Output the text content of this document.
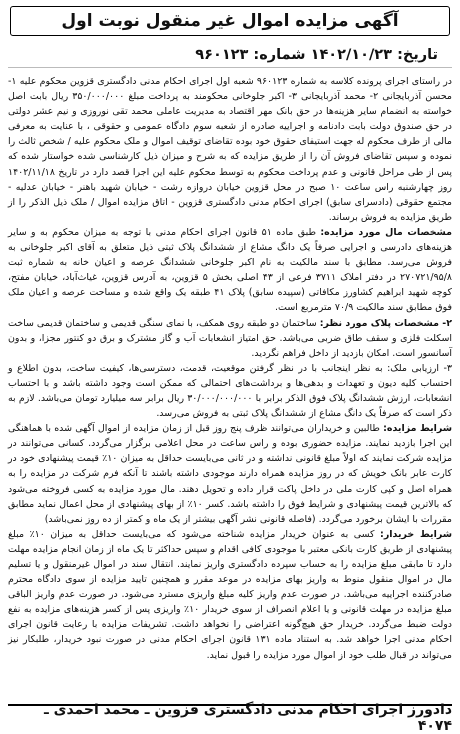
آگهی مزایده اموال غیر منقول نوبت اول
تاریخ: ۱۴۰۲/۱۰/۲۳ شماره: ۹۶۰۱۲۳

در راستای اجرای پرونده کلاسه به شماره ۹۶۰۱۲۳ شعبه اول اجرای احکام مدنی دادگستری قزوین محکوم علیه ۱- محسن آذربایجانی ۲- محمد آذربایجانی ۳- اکبر جلوخانی محکومند به پرداخت مبلغ ۳۵۰/۰۰۰/۰۰۰ ریال بابت اصل خواسته به انضمام سایر هزینه‌ها در حق بانک مهر اقتصاد به مدیریت عاملی محمد تقی نوروزی و نیم عشر دولتی در حق صندوق دولت بابت دادنامه و اجراییه صادره از شعبه سوم دادگاه عمومی و حقوقی ، با عنایت به معرفی مالی از طرف محکوم له جهت استیفای حقوق خود بوده تقاضای توقیف اموال و ملک محکوم علیه / شخص ثالث را نموده و سپس تقاضای فروش آن را از طریق مزایده که به شرح و میزان ذیل کارشناسی شده خواستار شده که پس از طی مراحل قانونی و عدم پرداخت محکوم به توسط محکوم علیه این اجرا قصد دارد در تاریخ ۱۴۰۲/۱۱/۱۸ روز چهارشنبه راس ساعت ۱۰ صبح در محل قزوین خیابان دروازه رشت - خیابان شهید باهنر - خیابان عدلیه - مجتمع حقوقی (دادسرای سابق) اجرای احکام مدنی دادگستری قزوین - اتاق مزایده اموال / ملک ذیل الذکر را از طریق مزایده به فروش برساند.

مشخصات مال مورد مزایده: طبق ماده ۵۱ قانون اجرای احکام مدنی با توجه به میزان محکوم به و سایر هزینه‌های دادرسی و اجرایی صرفاً یک دانگ مشاع از ششدانگ پلاک ثبتی ذیل متعلق به آقای اکبر جلوخانی به فروش می‌رسد. مطابق با سند مالکیت به نام اکبر جلوخانی ششدانگ عرصه و اعیان خانه به شماره ثبت ۲۷۰۷۲۱/۹۵/۸ در دفتر املاک ۳۷۱۱ فرعی از ۴۳ اصلی بخش ۵ قزوین، به آدرس قزوین، غیاث‌آباد، خیابان مفتح، کوچه شهید ابراهیم کشاورز مکافاتی (سپیده سابق) پلاک ۴۱ طبقه یک واقع شده و مساحت عرصه و اعیان ملک فوق مطابق سند مالکیت ۷۰/۹ مترمربع است.

۲- مشخصات پلاک مورد نظر: ساختمان دو طبقه روی همکف، با نمای سنگی قدیمی و ساختمان قدیمی ساخت اسکلت فلزی و سقف طاق ضربی می‌باشد. حق امتیاز انشعابات آب و گاز مشترک و برق دو کنتور مجزا، و بدون آسانسور است. امکان بازدید از داخل فراهم نگردید.

۳- ارزیابی ملک: به نظر اینجانب با در نظر گرفتن موقعیت، قدمت، دسترسی‌ها، کیفیت ساخت، بدون اطلاع و احتساب کلیه دیون و تعهدات و بدهی‌ها و برداشت‌های احتمالی که ممکن است وجود داشته باشد و با احتساب انشعابات، ارزش ششدانگ پلاک فوق الذکر برابر با ۳۰/۰۰۰/۰۰۰/۰۰۰ ریال برابر سه میلیارد تومان می‌باشد. لازم به ذکر است که صرفاً یک دانگ مشاع از ششدانگ پلاک ثبتی به فروش می‌رسد.

شرایط مزایده: طالبین و خریداران می‌توانند ظرف پنج روز قبل از زمان مزایده از اموال آگهی شده با هماهنگی این اجرا بازدید نمایند. مزایده حضوری بوده و راس ساعت در محل اعلامی برگزار می‌گردد. کسانی می‌توانند در مزایده شرکت نمایند که اولاً مبلغ قانونی نداشته و در ثانی می‌بایست حداقل به میزان ۱۰٪ قیمت پیشنهادی خود در کارت عابر بانک خویش که در روز مزایده همراه دارند موجودی داشته باشند تا آنکه فرم شرکت در مزایده را به همراه اصل و کپی کارت ملی در داخل پاکت قرار داده و تحویل دهند. مال مورد مزایده به کسی فروخته می‌شود که بالاترین قیمت پیشنهادی و شرایط فوق را داشته باشد. کسر ۱۰٪ از بهای پیشنهادی از محل اعمال نماید مطابق مقررات با ایشان برخورد می‌گردد. (فاصله قانونی نشر آگهی بیشتر از یک ماه و کمتر از ده روز نمی‌باشد)

شرایط خریدار: کسی به عنوان خریدار مزایده شناخته می‌شود که می‌بایست حداقل به میزان ۱۰٪ مبلغ پیشنهادی از طریق کارت بانکی معتبر با موجودی کافی اقدام و سپس حداکثر تا یک ماه از زمان انجام مزایده مهلت دارد تا مابقی مبلغ مزایده را به حساب سپرده دادگستری واریز نمایند. انتقال سند در اموال غیرمنقول و یا تسلیم مال در اموال منقول منوط به واریز بهای مزایده در موعد مقرر و همچنین تایید مزایده از سوی دادگاه محترم صادرکننده اجراییه می‌باشد. در صورت عدم واریز کلیه مبلغ واریزی مسترد می‌شود. در صورت عدم واریز الباقی مبلغ مزایده در مهلت قانونی و یا اعلام انصراف از سوی خریدار ۱۰٪ واریزی پس از کسر هزینه‌های مزایده به نفع دولت ضبط می‌گردد. خریدار حق هیچ‌گونه اعتراضی را نخواهد داشت. تشریفات مزایده با رعایت قانون اجرای احکام مدنی اجرا خواهد شد. به استناد ماده ۱۳۱ قانون اجرای احکام مدنی در صورت نبود خریدار، طلبکار نیز می‌تواند در قبال طلب خود از اموال مورد مزایده را قبول نماید.

دادورز اجرای احکام مدنی دادگستری قزوین ـ محمد احمدی ـ ۴۰۷۴
